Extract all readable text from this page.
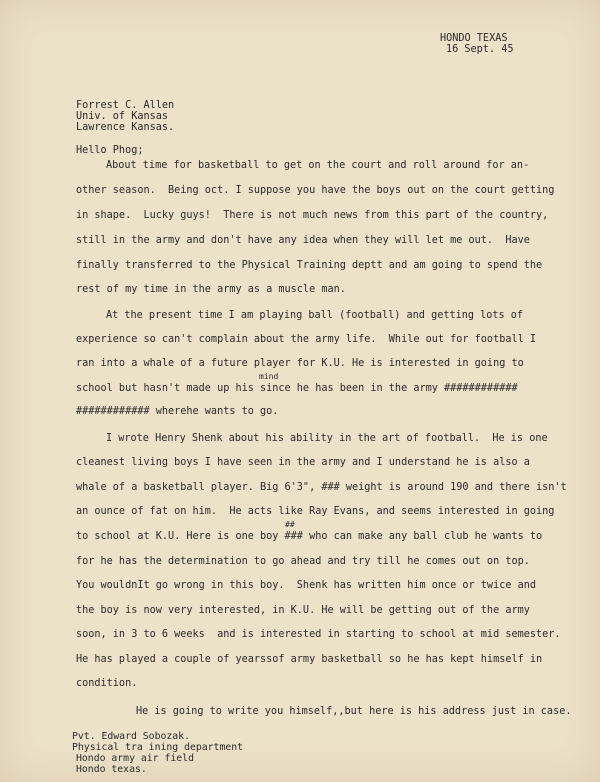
HONDO TEXAS
16 Sept. 45
Forrest C. Allen
Univ. of Kansas
Lawrence Kansas.
Hello Phog;
About time for basketball to get on the court and roll around for an-
other season.  Being oct. I suppose you have the boys out on the court getting
in shape.  Lucky guys!  There is not much news from this part of the country,
still in the army and don't have any idea when they will let me out.  Have
finally transferred to the Physical Training deptt and am going to spend the
rest of my time in the army as a muscle man.
At the present time I am playing ball (football) and getting lots of
experience so can't complain about the army life.  While out for football I
ran into a whale of a future player for K.U. He is interested in going to
mind
school but hasn't made up his since he has been in the army ############
############ wherehe wants to go.
I wrote Henry Shenk about his ability in the art of football.  He is one
cleanest living boys I have seen in the army and I understand he is also a
whale of a basketball player. Big 6'3", ### weight is around 190 and there isn't
an ounce of fat on him.  He acts like Ray Evans, and seems interested in going
##
to school at K.U. Here is one boy ### who can make any ball club he wants to
for he has the determination to go ahead and try till he comes out on top.
You wouldnIt go wrong in this boy.  Shenk has written him once or twice and
the boy is now very interested, in K.U. He will be getting out of the army
soon, in 3 to 6 weeks  and is interested in starting to school at mid semester.
He has played a couple of yearssof army basketball so he has kept himself in
condition.
He is going to write you himself,,but here is his address just in case.
Pvt. Edward Sobozak.
Physical tra ining department
Hondo army air field
Hondo texas.
